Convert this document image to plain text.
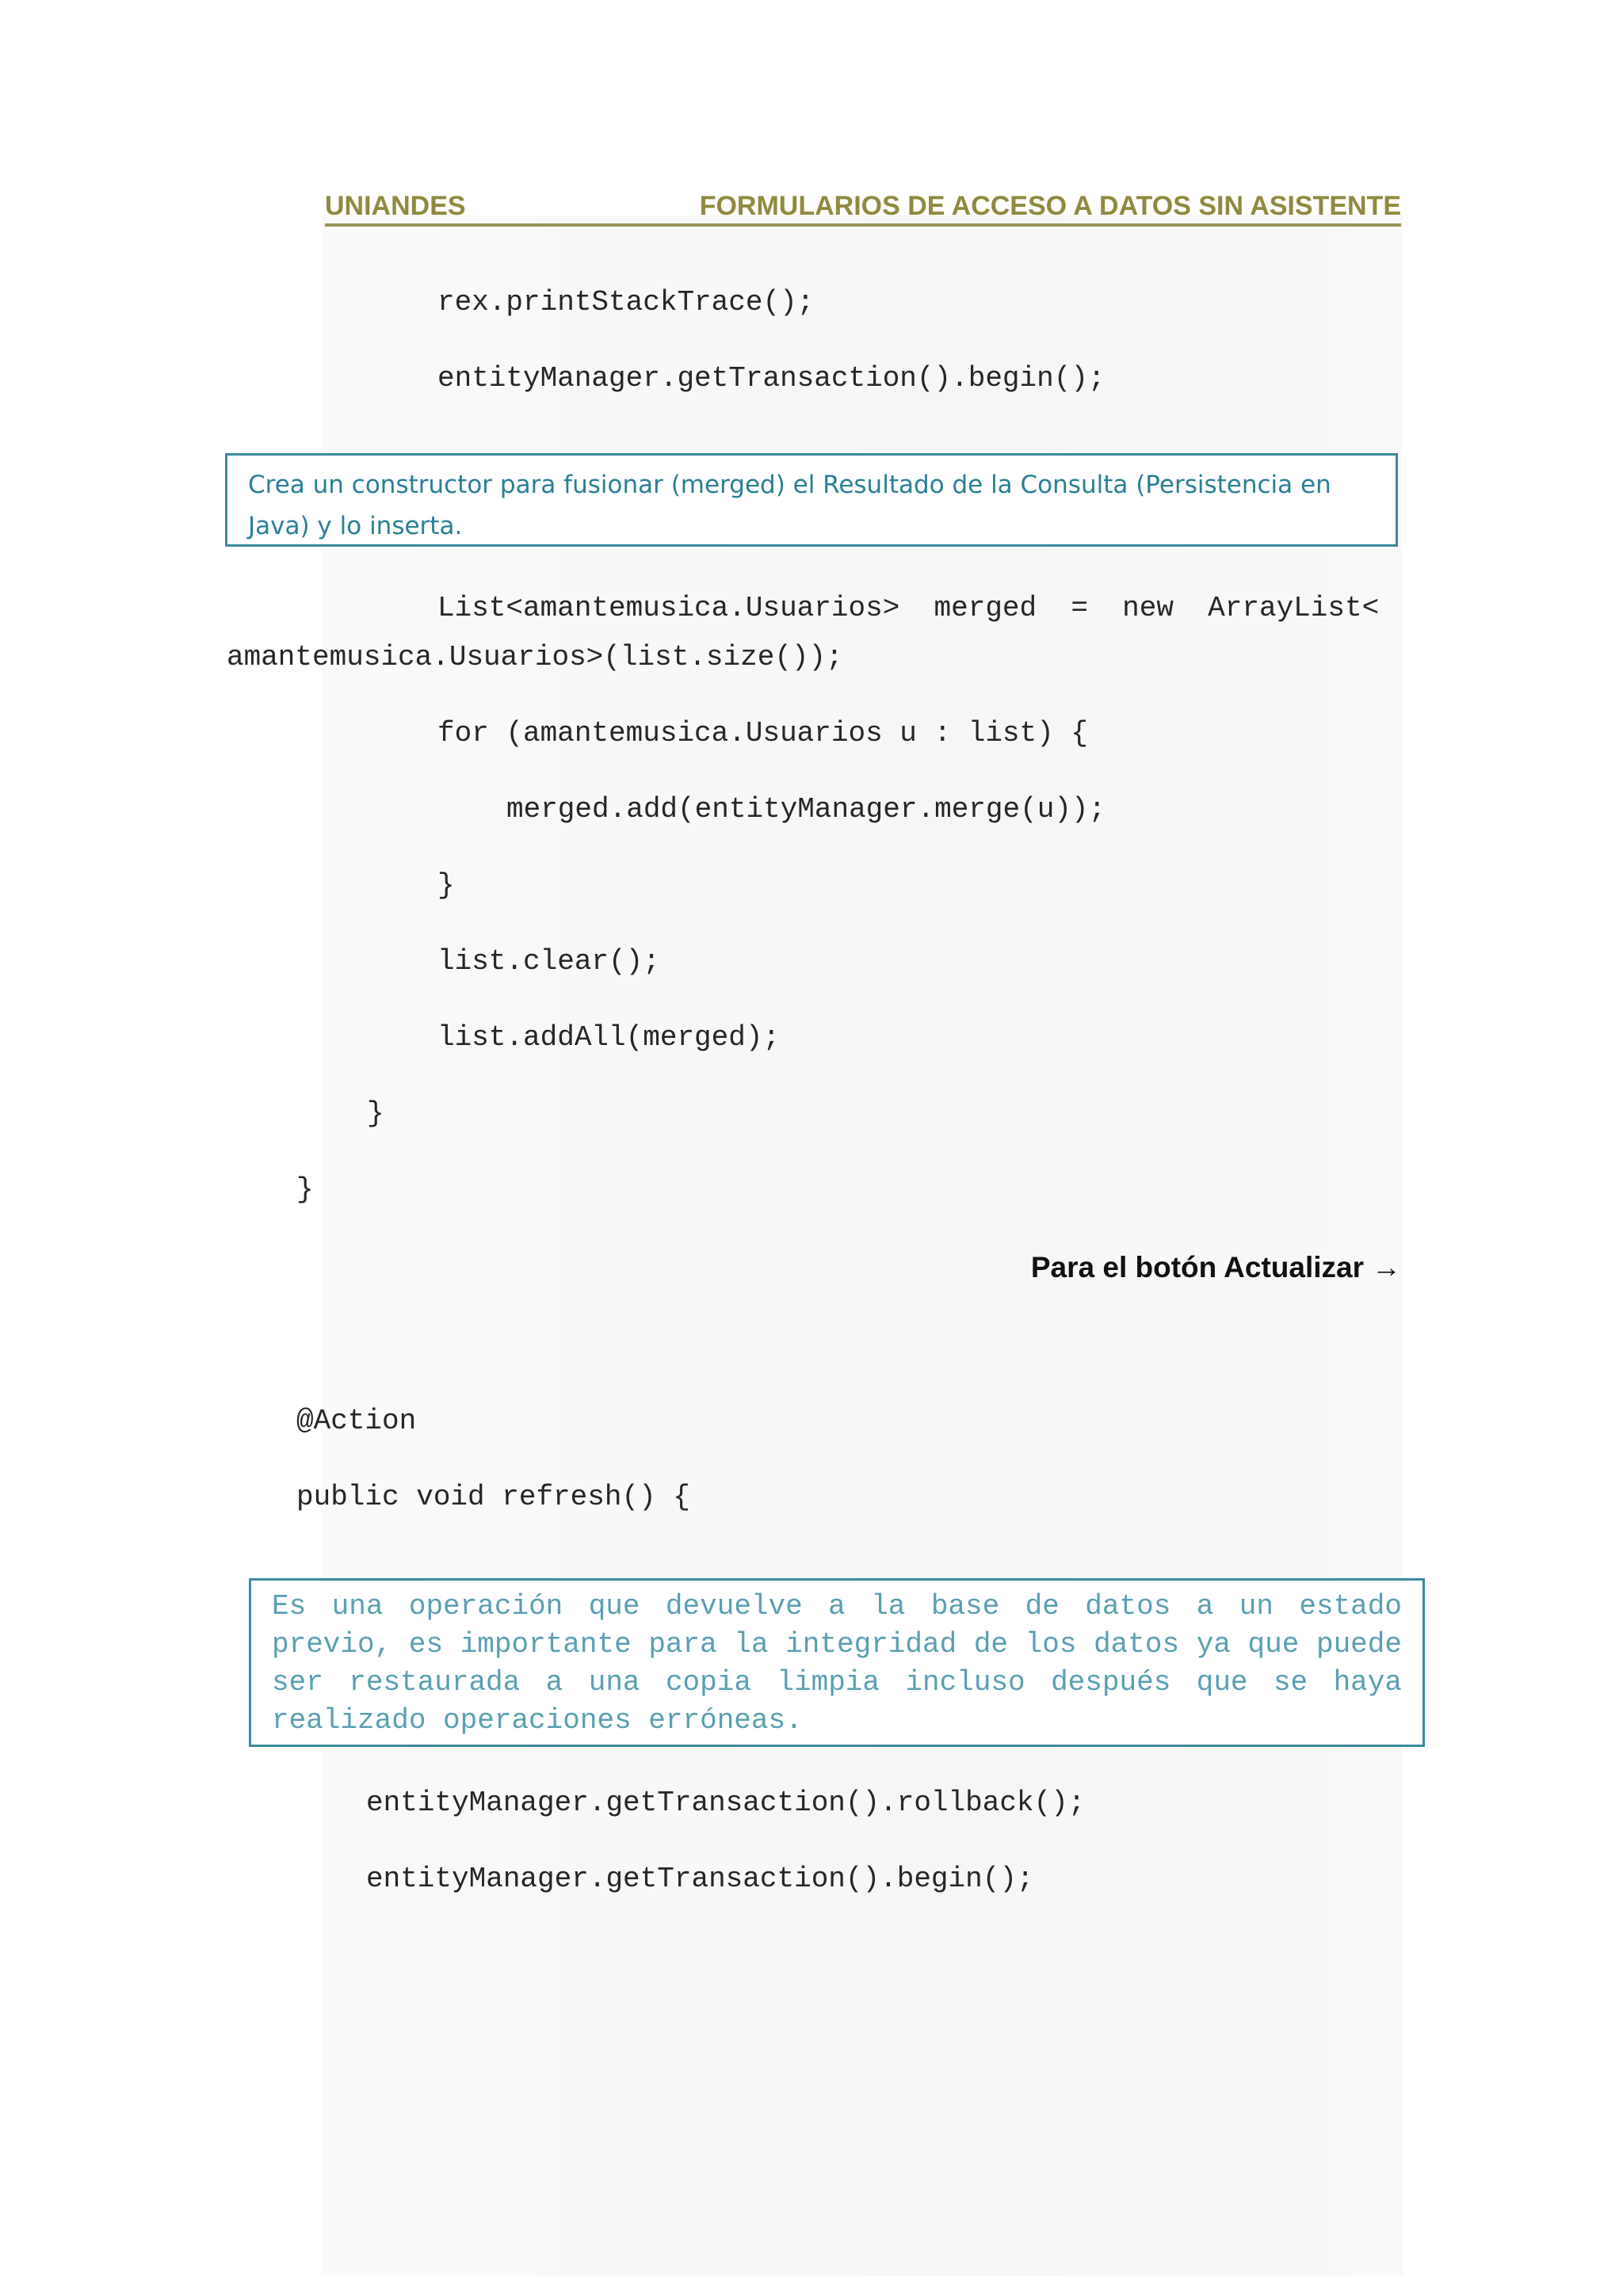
UNIANDES	FORMULARIOS DE ACCESO A DATOS SIN ASISTENTE
rex.printStackTrace();
entityManager.getTransaction().begin();
Crea un constructor para fusionar (merged) el Resultado de la Consulta (Persistencia en Java) y lo inserta.
List<amantemusica.Usuarios>  merged  =  new  ArrayList<
amantemusica.Usuarios>(list.size());
for (amantemusica.Usuarios u : list) {
merged.add(entityManager.merge(u));
}
list.clear();
list.addAll(merged);
}
}
Para el botón Actualizar →
@Action
public void refresh() {
Es una operación que devuelve a la base de datos a un estado previo, es importante para la integridad de los datos ya que puede ser restaurada a una copia limpia incluso después que se haya realizado operaciones erróneas.
entityManager.getTransaction().rollback();
entityManager.getTransaction().begin();
